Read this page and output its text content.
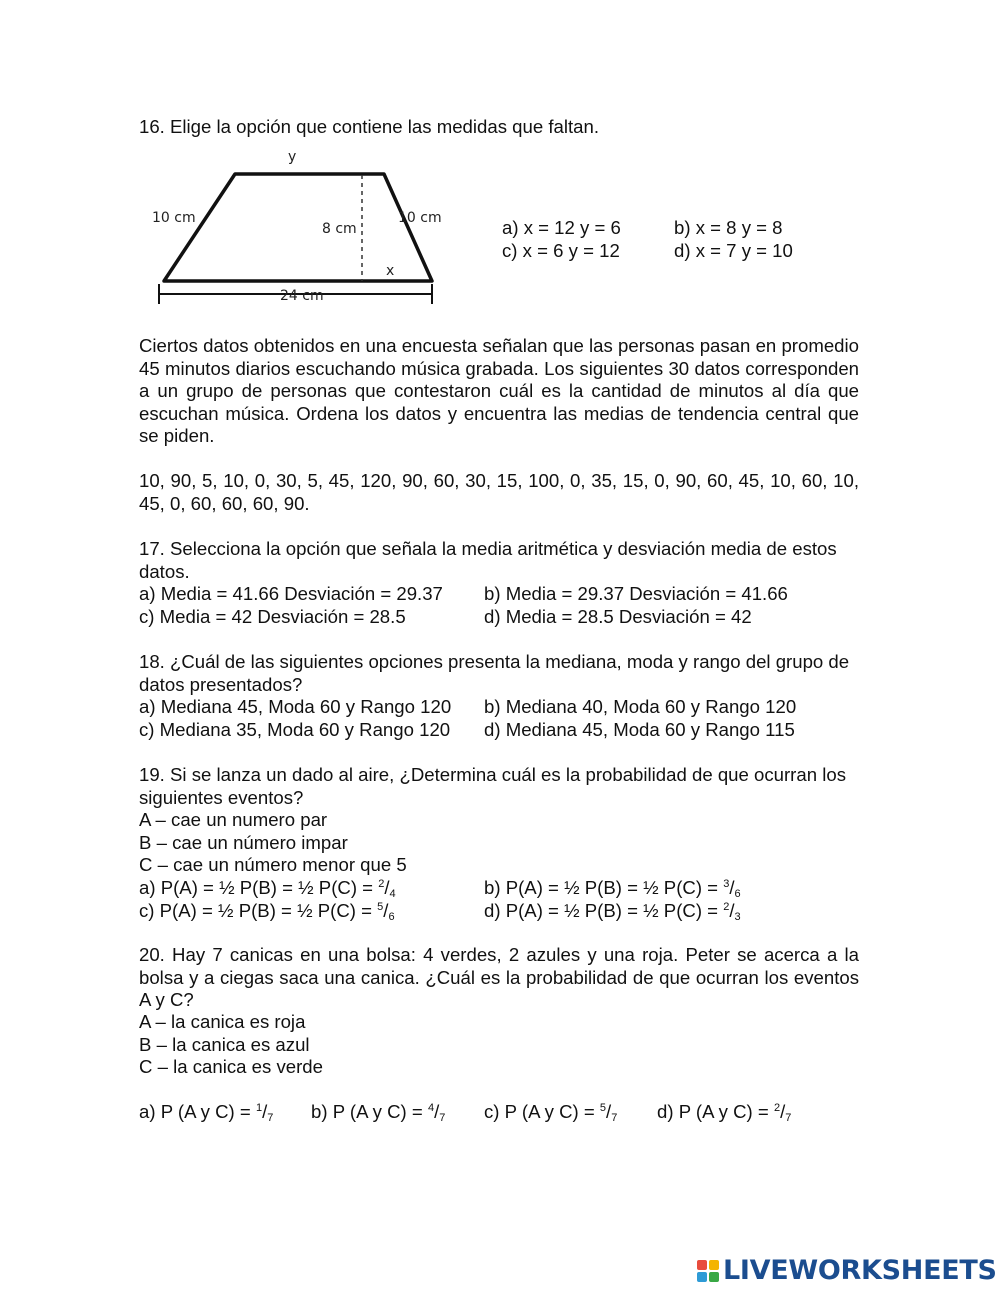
16. Elige la opción que contiene las medidas que faltan.
y
10 cm
8 cm
10 cm
x
24 cm
a) x = 12 y = 6	b) x = 8 y = 8
c) x = 6 y = 12	d) x = 7 y = 10
Ciertos datos obtenidos en una encuesta señalan que las personas pasan en promedio 45 minutos diarios escuchando música grabada. Los siguientes 30 datos corresponden a un grupo de personas que contestaron cuál es la cantidad de minutos al día que escuchan música. Ordena los datos y encuentra las medias de tendencia central que se piden.
10, 90, 5, 10, 0, 30, 5, 45, 120, 90, 60, 30, 15, 100, 0, 35, 15, 0, 90, 60, 45, 10, 60, 10, 45, 0, 60, 60, 60, 90.
17. Selecciona la opción que señala la media aritmética y desviación media de estos datos.
a) Media = 41.66 Desviación = 29.37 b) Media = 29.37 Desviación = 41.66
c) Media = 42 Desviación = 28.5	d) Media = 28.5 Desviación = 42
18. ¿Cuál de las siguientes opciones presenta la mediana, moda y rango del grupo de datos presentados?
a) Mediana 45, Moda 60 y Rango 120 b) Mediana 40, Moda 60 y Rango 120
c) Mediana 35, Moda 60 y Rango 120 d) Mediana 45, Moda 60 y Rango 115
19. Si se lanza un dado al aire, ¿Determina cuál es la probabilidad de que ocurran los siguientes eventos?
A – cae un numero par
B – cae un número impar
C – cae un número menor que 5
a) P(A) = ½ P(B) = ½ $P(C) = ^2/_4$	b) P(A) = ½ P(B) = ½ $P(C) = ^3/_6$
c) P(A) = ½ P(B) = ½ $P(C) = ^5/_6$	d) P(A) = ½ P(B) = ½ $P(C) = ^2/_3$
20. Hay 7 canicas en una bolsa: 4 verdes, 2 azules y una roja. Peter se acerca a la bolsa y a ciegas saca una canica. ¿Cuál es la probabilidad de que ocurran los eventos A y C?
A – la canica es roja
B – la canica es azul
C – la canica es verde
a) P (A y $C) = ^1/_7$ b) P (A y $C) = ^4/_7$ c) P (A y $C) = ^5/_7$ d) P (A y $C) = ^2/_7$
LIVEWORKSHEETS
